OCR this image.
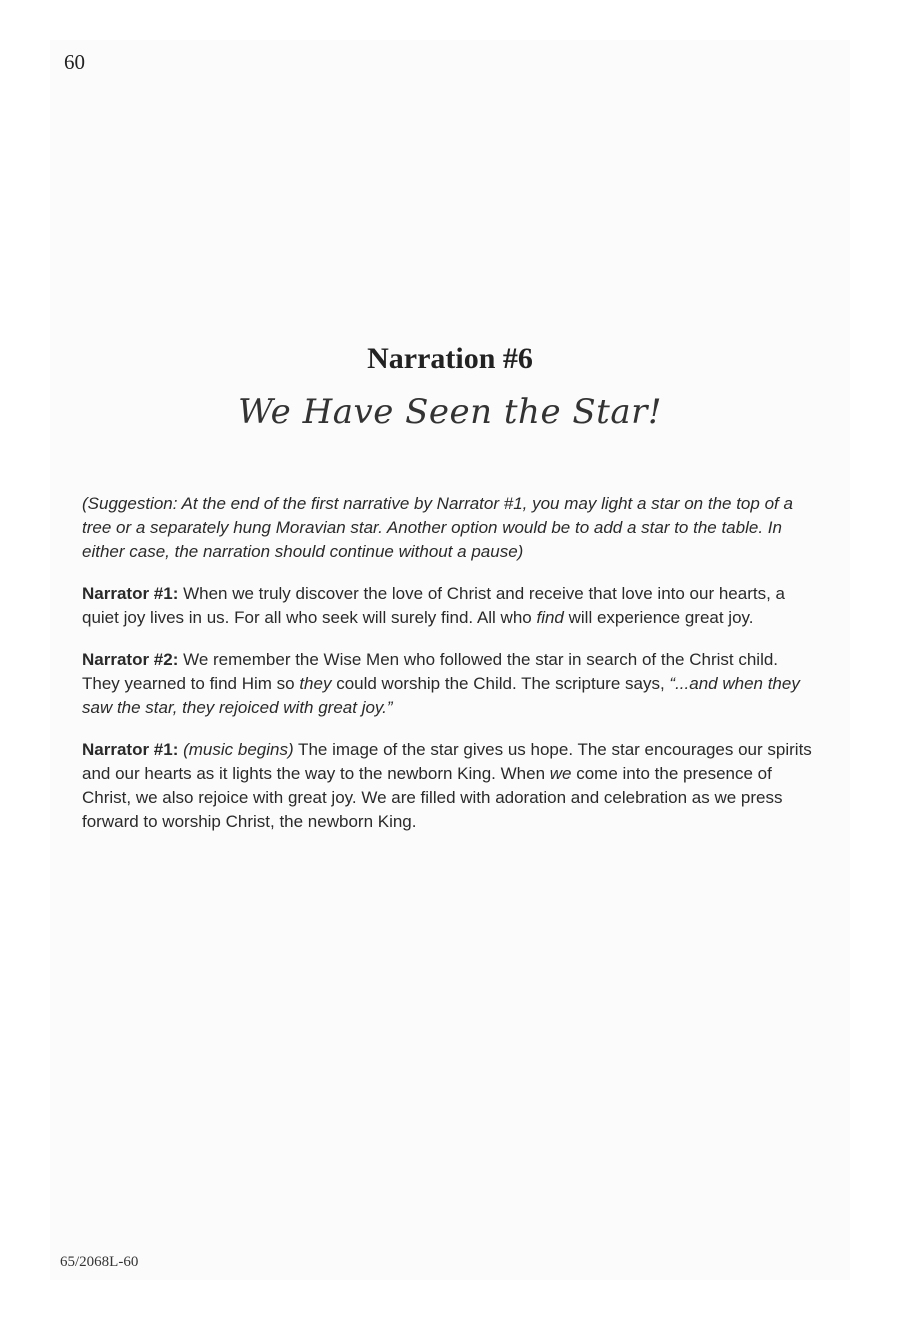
60
Narration #6
We Have Seen the Star!

(Suggestion: At the end of the first narrative by Narrator #1, you may light a star on the top of a tree or a separately hung Moravian star. Another option would be to add a star to the table. In either case, the narration should continue without a pause)

Narrator #1: When we truly discover the love of Christ and receive that love into our hearts, a quiet joy lives in us. For all who seek will surely find. All who find will experience great joy.

Narrator #2: We remember the Wise Men who followed the star in search of the Christ child. They yearned to find Him so they could worship the Child. The scripture says, “...and when they saw the star, they rejoiced with great joy.”

Narrator #1: (music begins) The image of the star gives us hope. The star encourages our spirits and our hearts as it lights the way to the newborn King. When we come into the presence of Christ, we also rejoice with great joy. We are filled with adoration and celebration as we press forward to worship Christ, the newborn King.

65/2068L-60
